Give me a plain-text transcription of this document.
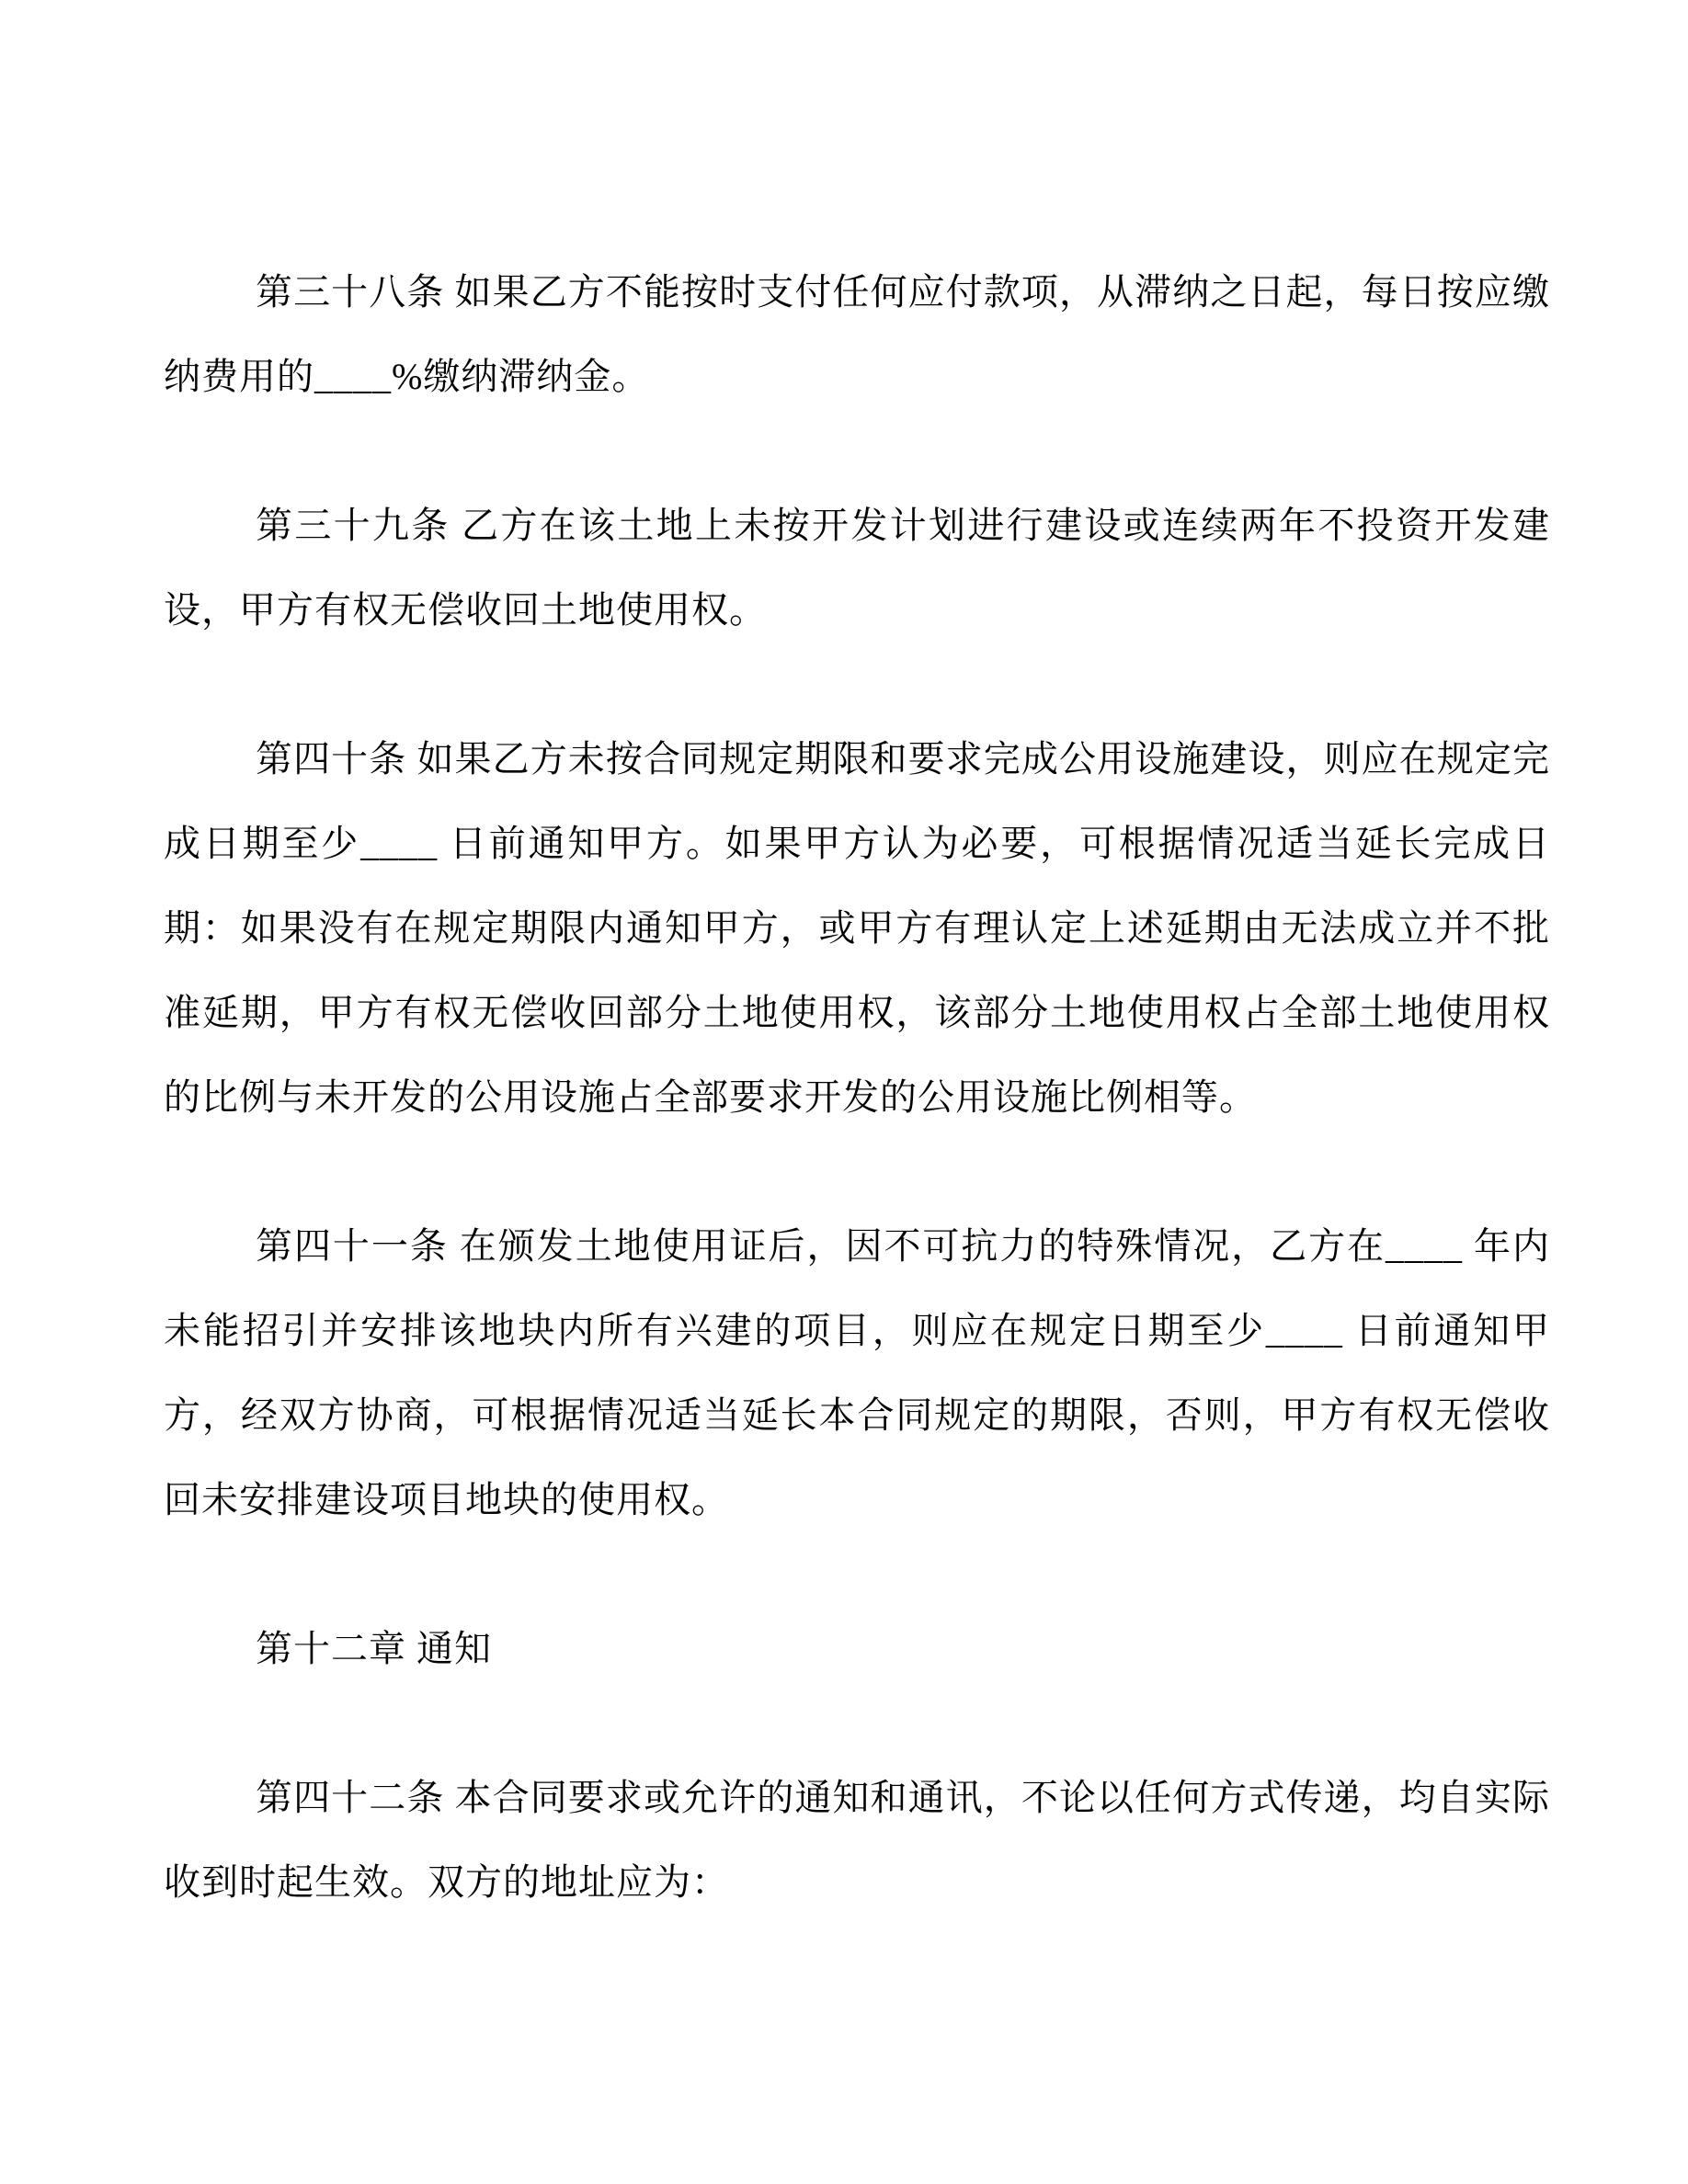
第三十八条 如果乙方不能按时支付任何应付款项，从滞纳之日起，每日按应缴纳费用的____%缴纳滞纳金。

第三十九条 乙方在该土地上未按开发计划进行建设或连续两年不投资开发建设，甲方有权无偿收回土地使用权。

第四十条 如果乙方未按合同规定期限和要求完成公用设施建设，则应在规定完成日期至少____ 日前通知甲方。如果甲方认为必要，可根据情况适当延长完成日期：如果没有在规定期限内通知甲方，或甲方有理认定上述延期由无法成立并不批准延期，甲方有权无偿收回部分土地使用权，该部分土地使用权占全部土地使用权的比例与未开发的公用设施占全部要求开发的公用设施比例相等。

第四十一条 在颁发土地使用证后，因不可抗力的特殊情况，乙方在____ 年内未能招引并安排该地块内所有兴建的项目，则应在规定日期至少____ 日前通知甲方，经双方协商，可根据情况适当延长本合同规定的期限，否则，甲方有权无偿收回未安排建设项目地块的使用权。

第十二章 通知

第四十二条 本合同要求或允许的通知和通讯，不论以任何方式传递，均自实际收到时起生效。双方的地址应为：
